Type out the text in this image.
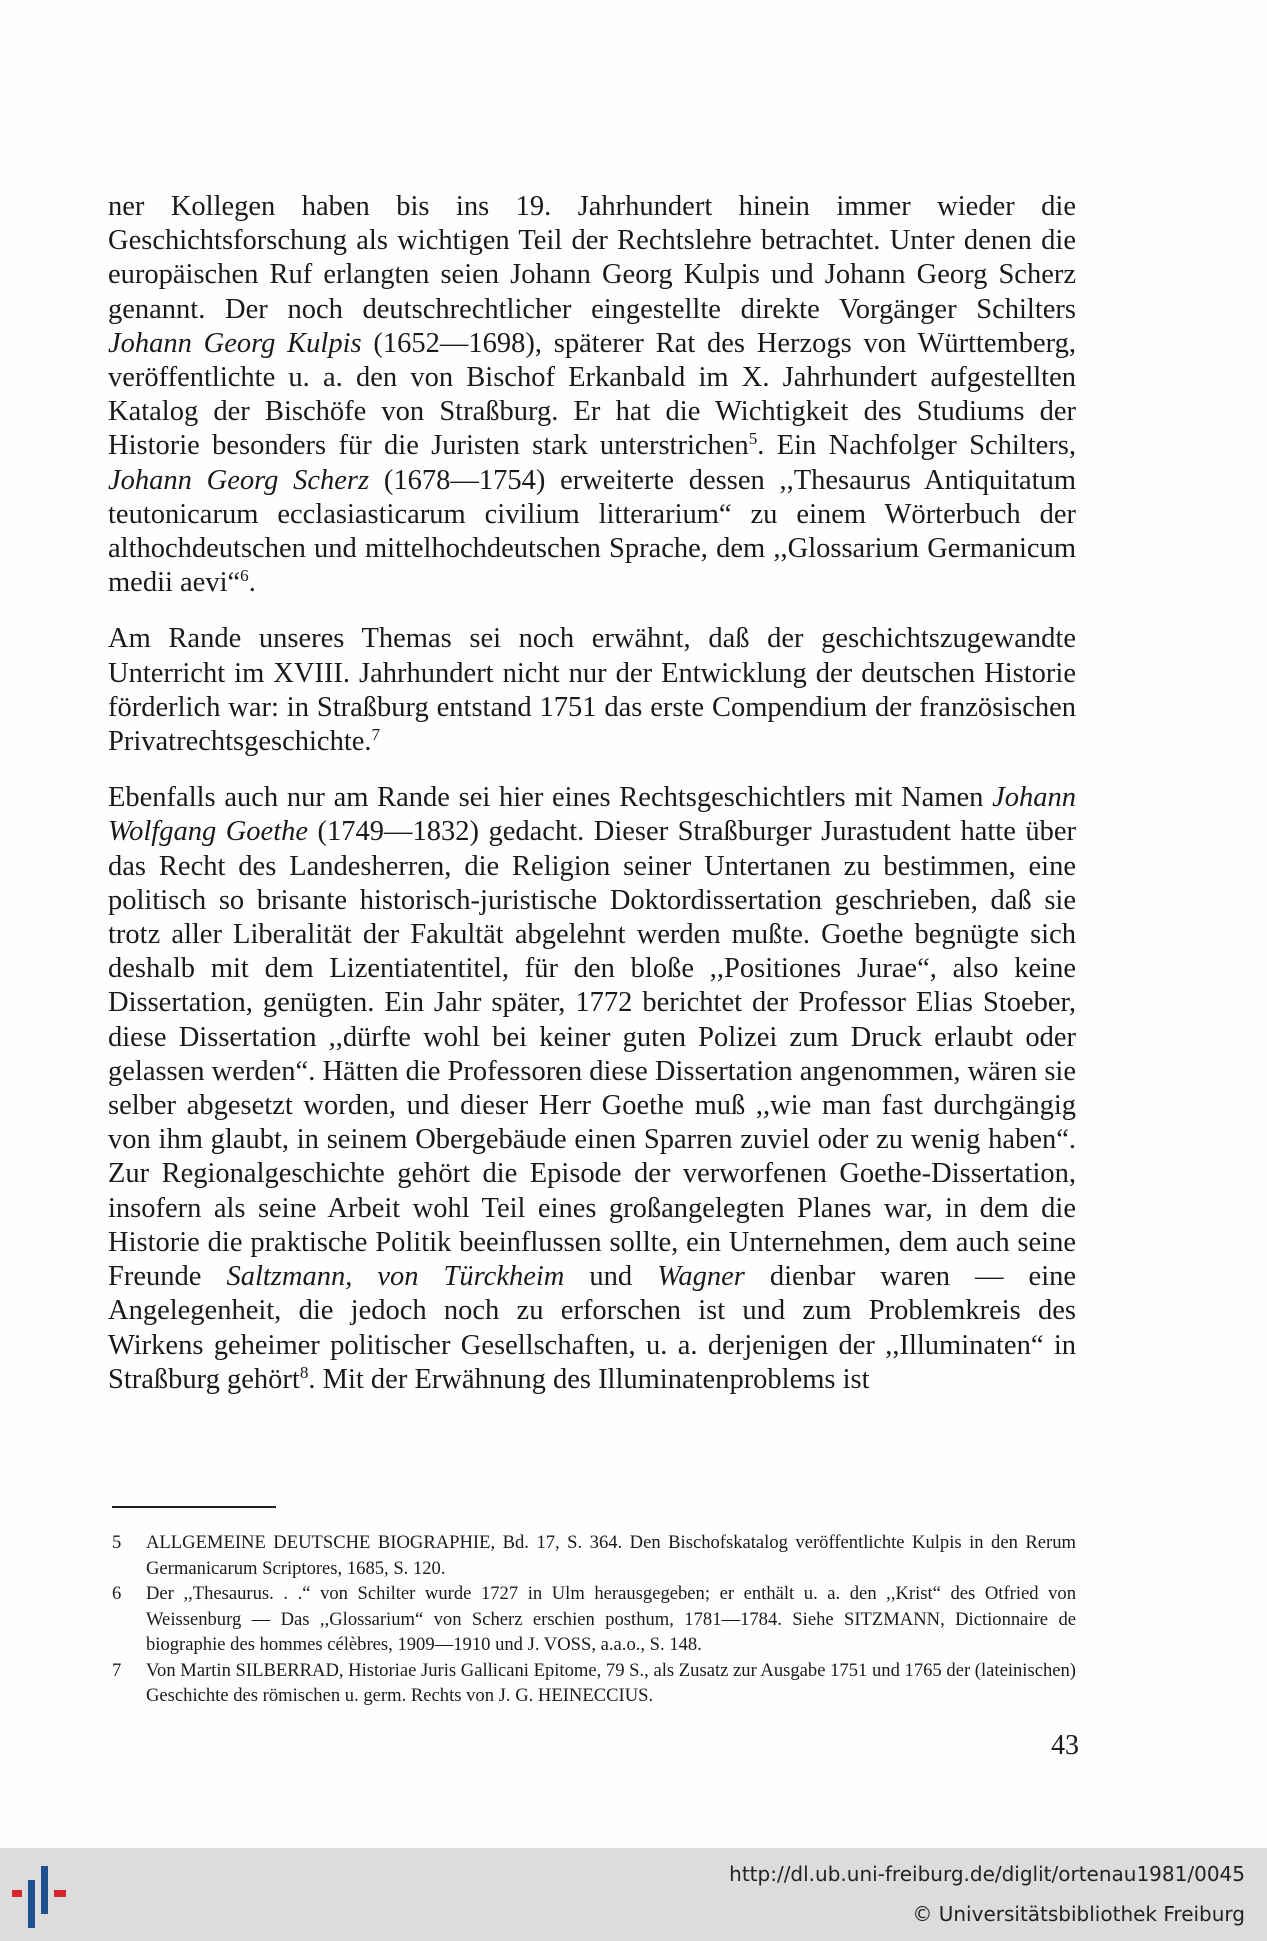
ner Kollegen haben bis ins 19. Jahrhundert hinein immer wieder die Geschichtsforschung als wichtigen Teil der Rechtslehre betrachtet. Unter denen die europäischen Ruf erlangten seien Johann Georg Kulpis und Johann Georg Scherz genannt. Der noch deutschrechtlicher eingestellte direkte Vorgänger Schilters Johann Georg Kulpis (1652—1698), späterer Rat des Herzogs von Württemberg, veröffentlichte u. a. den von Bischof Erkanbald im X. Jahrhundert aufgestellten Katalog der Bischöfe von Straßburg. Er hat die Wichtigkeit des Studiums der Historie besonders für die Juristen stark unterstrichen$^5$. Ein Nachfolger Schilters, Johann Georg Scherz (1678—1754) erweiterte dessen ,,Thesaurus Antiquitatum teutonicarum ecclasiasticarum civilium litterarium“ zu einem Wörterbuch der althochdeutschen und mittelhochdeutschen Sprache, dem ,,Glossarium Germanicum medii aevi“$^6$.

Am Rande unseres Themas sei noch erwähnt, daß der geschichtszugewandte Unterricht im XVIII. Jahrhundert nicht nur der Entwicklung der deutschen Historie förderlich war: in Straßburg entstand 1751 das erste Compendium der französischen Privatrechtsgeschichte.$^7$

Ebenfalls auch nur am Rande sei hier eines Rechtsgeschichtlers mit Namen Johann Wolfgang Goethe (1749—1832) gedacht. Dieser Straßburger Jurastudent hatte über das Recht des Landesherren, die Religion seiner Untertanen zu bestimmen, eine politisch so brisante historisch-juristische Doktordissertation geschrieben, daß sie trotz aller Liberalität der Fakultät abgelehnt werden mußte. Goethe begnügte sich deshalb mit dem Lizentiatentitel, für den bloße ,,Positiones Jurae“, also keine Dissertation, genügten. Ein Jahr später, 1772 berichtet der Professor Elias Stoeber, diese Dissertation ,,dürfte wohl bei keiner guten Polizei zum Druck erlaubt oder gelassen werden“. Hätten die Professoren diese Dissertation angenommen, wären sie selber abgesetzt worden, und dieser Herr Goethe muß ,,wie man fast durchgängig von ihm glaubt, in seinem Obergebäude einen Sparren zuviel oder zu wenig haben“. Zur Regionalgeschichte gehört die Episode der verworfenen Goethe-Dissertation, insofern als seine Arbeit wohl Teil eines großangelegten Planes war, in dem die Historie die praktische Politik beeinflussen sollte, ein Unternehmen, dem auch seine Freunde Saltzmann, von Türckheim und Wagner dienbar waren — eine Angelegenheit, die jedoch noch zu erforschen ist und zum Problemkreis des Wirkens geheimer politischer Gesellschaften, u. a. derjenigen der ,,Illuminaten“ in Straßburg gehört$^8$. Mit der Erwähnung des Illuminatenproblems ist

5	ALLGEMEINE DEUTSCHE BIOGRAPHIE, Bd. 17, S. 364. Den Bischofskatalog veröffentlichte Kulpis in den Rerum Germanicarum Scriptores, 1685, S. 120.
6	Der ,,Thesaurus. . .“ von Schilter wurde 1727 in Ulm herausgegeben; er enthält u. a. den ,,Krist“ des Otfried von Weissenburg — Das ,,Glossarium“ von Scherz erschien posthum, 1781—1784. Siehe SITZMANN, Dictionnaire de biographie des hommes célèbres, 1909—1910 und J. VOSS, a.a.o., S. 148.
7	Von Martin SILBERRAD, Historiae Juris Gallicani Epitome, 79 S., als Zusatz zur Ausgabe 1751 und 1765 der (lateinischen) Geschichte des römischen u. germ. Rechts von J. G. HEINECCIUS.
43
http://dl.ub.uni-freiburg.de/diglit/ortenau1981/0045
© Universitätsbibliothek Freiburg
